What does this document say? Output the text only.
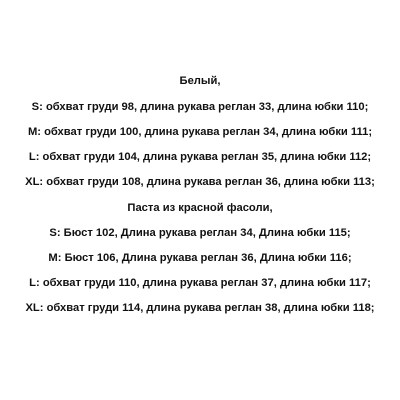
Белый,
S: обхват груди 98, длина рукава реглан 33, длина юбки 110;
M: обхват груди 100, длина рукава реглан 34, длина юбки 111;
L: обхват груди 104, длина рукава реглан 35, длина юбки 112;
XL: обхват груди 108, длина рукава реглан 36, длина юбки 113;
Паста из красной фасоли,
S: Бюст 102, Длина рукава реглан 34, Длина юбки 115;
M: Бюст 106, Длина рукава реглан 36, Длина юбки 116;
L: обхват груди 110, длина рукава реглан 37, длина юбки 117;
XL: обхват груди 114, длина рукава реглан 38, длина юбки 118;
